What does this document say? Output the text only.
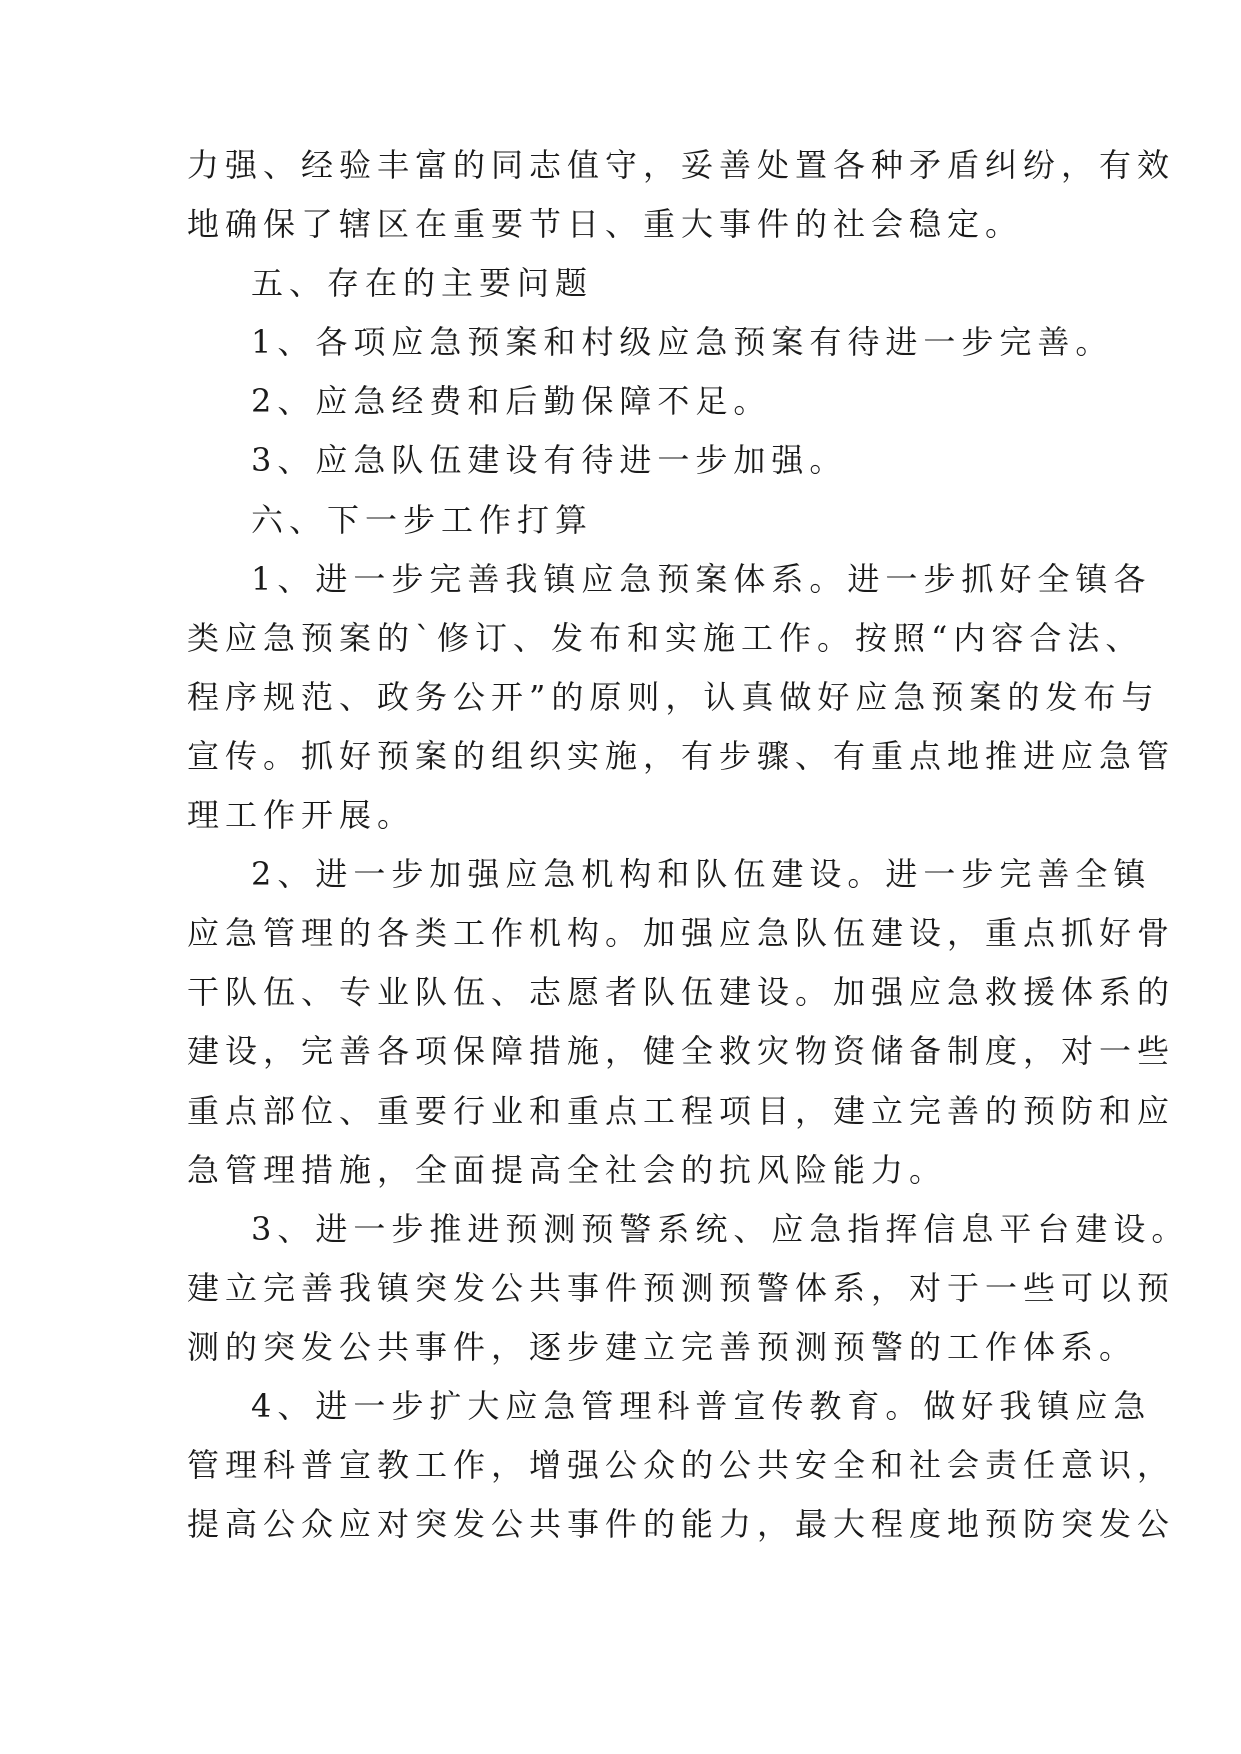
力强、经验丰富的同志值守，妥善处置各种矛盾纠纷，有效
地确保了辖区在重要节日、重大事件的社会稳定。
五、存在的主要问题
1、各项应急预案和村级应急预案有待进一步完善。
2、应急经费和后勤保障不足。
3、应急队伍建设有待进一步加强。
六、下一步工作打算
1、进一步完善我镇应急预案体系。进一步抓好全镇各
类应急预案的`修订、发布和实施工作。按照“内容合法、
程序规范、政务公开”的原则，认真做好应急预案的发布与
宣传。抓好预案的组织实施，有步骤、有重点地推进应急管
理工作开展。
2、进一步加强应急机构和队伍建设。进一步完善全镇
应急管理的各类工作机构。加强应急队伍建设，重点抓好骨
干队伍、专业队伍、志愿者队伍建设。加强应急救援体系的
建设，完善各项保障措施，健全救灾物资储备制度，对一些
重点部位、重要行业和重点工程项目，建立完善的预防和应
急管理措施，全面提高全社会的抗风险能力。
3、进一步推进预测预警系统、应急指挥信息平台建设。
建立完善我镇突发公共事件预测预警体系，对于一些可以预
测的突发公共事件，逐步建立完善预测预警的工作体系。
4、进一步扩大应急管理科普宣传教育。做好我镇应急
管理科普宣教工作，增强公众的公共安全和社会责任意识，
提高公众应对突发公共事件的能力，最大程度地预防突发公
